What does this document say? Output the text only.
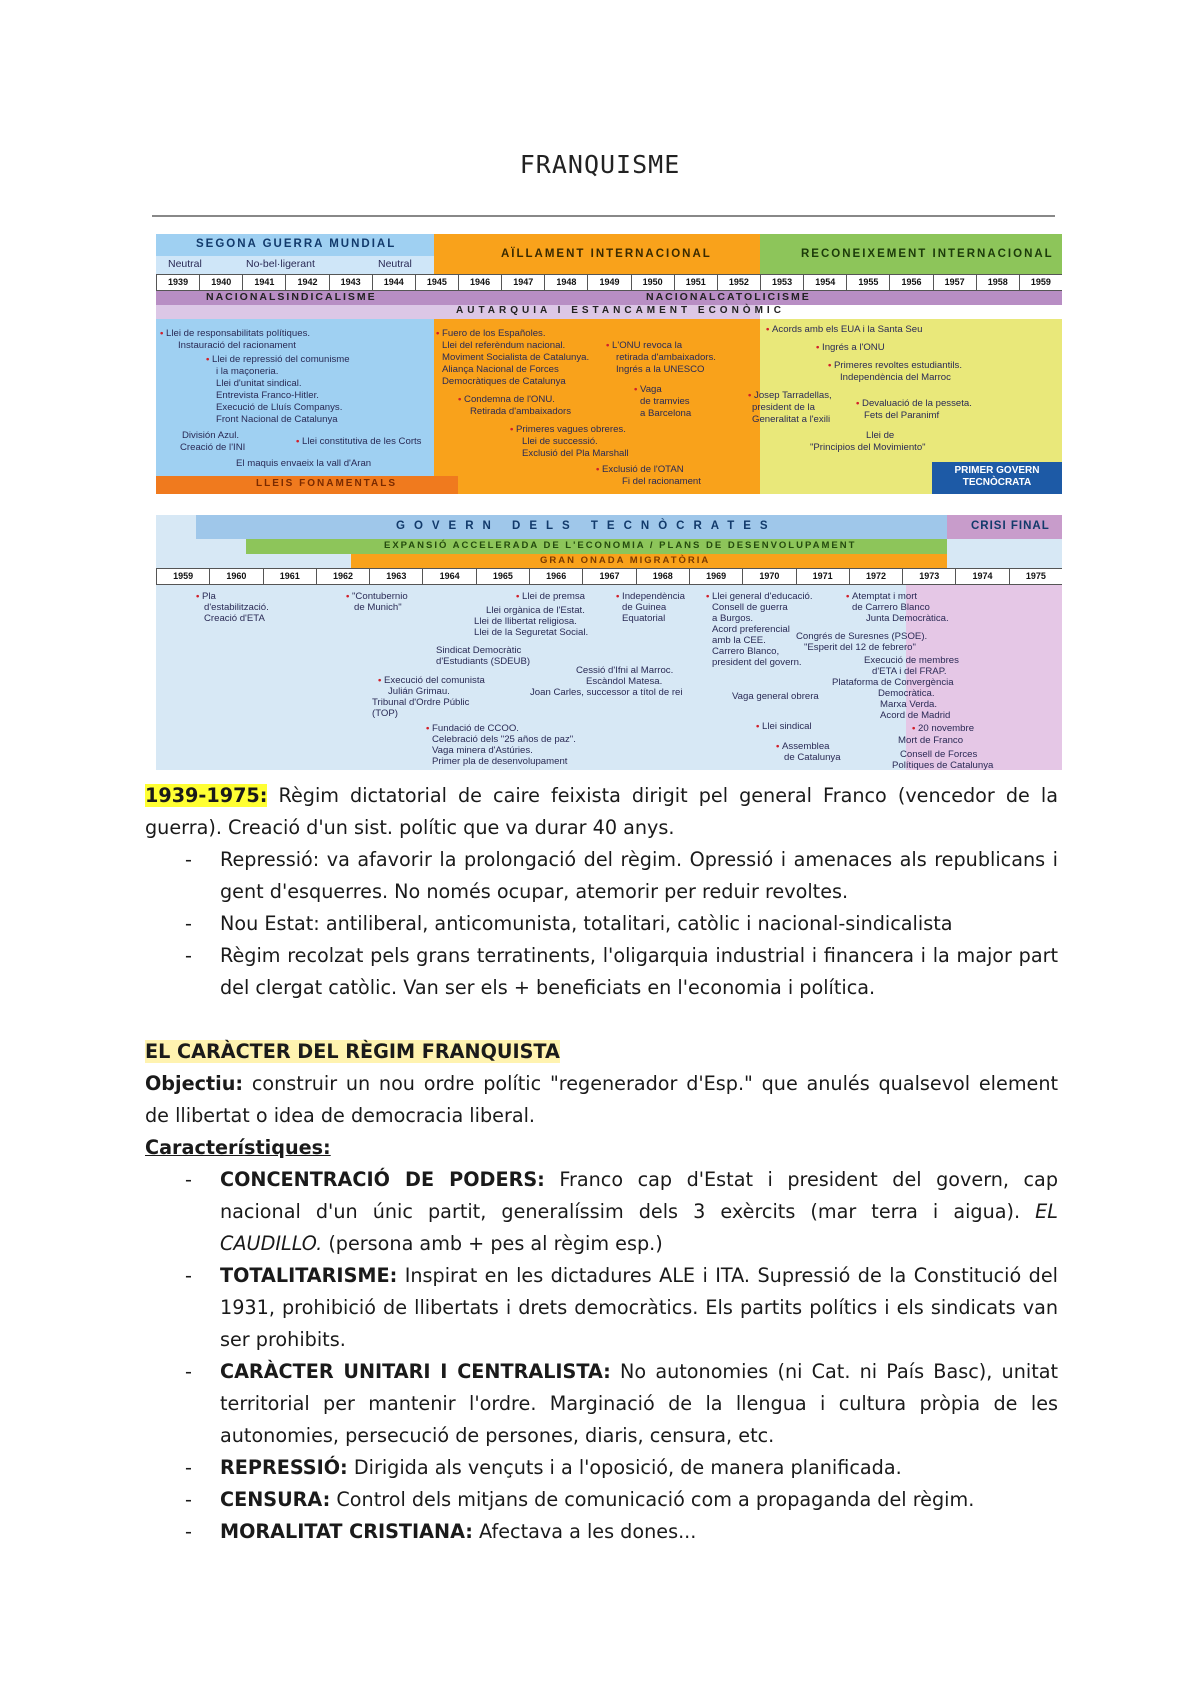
FRANQUISME
SEGONA GUERRA MUNDIAL
Neutral	No-bel·ligerant	Neutral
AÏLLAMENT INTERNACIONAL	RECONEIXEMENT INTERNACIONAL
1939	1940	1941	1942	1943	1944	1945	1946	1947	1948	1949	1950	1951	1952	1953	1954	1955	1956	1957	1958	1959
NACIONALSINDICALISME	NACIONALCATOLICISME
AUTARQUIA I ESTANCAMENT ECONÒMIC
LLEIS FONAMENTALS
PRIMER GOVERN TECNÒCRATA
• Llei de responsabilitats polítiques.
Instauració del racionament
• Llei de repressió del comunisme
i la maçoneria.
Llei d'unitat sindical.
Entrevista Franco-Hitler.
Execució de Lluís Companys.
Front Nacional de Catalunya
División Azul.
Creació de l'INI
• Llei constitutiva de les Corts
El maquis envaeix la vall d'Aran
• Fuero de los Españoles.
Llei del referèndum nacional.
Moviment Socialista de Catalunya.
Aliança Nacional de Forces
Democràtiques de Catalunya
• Condemna de l'ONU.
Retirada d'ambaixadors
• Primeres vagues obreres.
Llei de successió.
Exclusió del Pla Marshall
• L'ONU revoca la
retirada d'ambaixadors.
Ingrés a la UNESCO
• Vaga
de tramvies
a Barcelona
• Exclusió de l'OTAN
Fi del racionament
• Acords amb els EUA i la Santa Seu
• Ingrés a l'ONU
• Primeres revoltes estudiantils.
Independència del Marroc
• Josep Tarradellas,
president de la
Generalitat a l'exili
• Devaluació de la pesseta.
Fets del Paranimf
Llei de
"Principios del Movimiento"
GOVERN DELS TECNÒCRATES	CRISI FINAL
EXPANSIÓ ACCELERADA DE L'ECONOMIA / PLANS DE DESENVOLUPAMENT
GRAN ONADA MIGRATÒRIA
1959	1960	1961	1962	1963	1964	1965	1966	1967	1968	1969	1970	1971	1972	1973	1974	1975
• Pla
d'estabilització.
Creació d'ETA
• "Contubernio
de Munich"
• Llei de premsa
Llei orgànica de l'Estat.
Llei de llibertat religiosa.
Llei de la Seguretat Social.
• Independència
de Guinea
Equatorial
Sindicat Democràtic
d'Estudiants (SDEUB)
• Execució del comunista
Julián Grimau.
Tribunal d'Ordre Públic
(TOP)
Cessió d'Ifni al Marroc.
Escàndol Matesa.
Joan Carles, successor a títol de rei
• Fundació de CCOO.
Celebració dels "25 años de paz".
Vaga minera d'Astúries.
Primer pla de desenvolupament
• Llei general d'educació.
Consell de guerra
a Burgos.
Acord preferencial
amb la CEE.
Carrero Blanco,
president del govern.
Vaga general obrera
• Llei sindical
• Assemblea
de Catalunya
• Atemptat i mort
de Carrero Blanco
Junta Democràtica.
Congrés de Suresnes (PSOE).
"Esperit del 12 de febrero"
Execució de membres
d'ETA i del FRAP.
Plataforma de Convergència
Democràtica.
Marxa Verda.
Acord de Madrid
• 20 novembre
Mort de Franco
Consell de Forces
Polítiques de Catalunya

1939-1975: Règim dictatorial de caire feixista dirigit pel general Franco (vencedor de la guerra). Creació d'un sist. polític que va durar 40 anys.

- Repressió: va afavorir la prolongació del règim. Opressió i amenaces als republicans i gent d'esquerres. No només ocupar, atemorir per reduir revoltes.
- Nou Estat: antiliberal, anticomunista, totalitari, catòlic i nacional-sindicalista
- Règim recolzat pels grans terratinents, l'oligarquia industrial i financera i la major part del clergat catòlic. Van ser els + beneficiats en l'economia i política.

EL CARÀCTER DEL RÈGIM FRANQUISTA

Objectiu: construir un nou ordre polític "regenerador d'Esp." que anulés qualsevol element de llibertat o idea de democracia liberal.

Característiques:

- CONCENTRACIÓ DE PODERS: Franco cap d'Estat i president del govern, cap nacional d'un únic partit, generalíssim dels 3 exèrcits (mar terra i aigua). EL CAUDILLO. (persona amb + pes al règim esp.)
- TOTALITARISME: Inspirat en les dictadures ALE i ITA. Supressió de la Constitució del 1931, prohibició de llibertats i drets democràtics. Els partits polítics i els sindicats van ser prohibits.
- CARÀCTER UNITARI I CENTRALISTA: No autonomies (ni Cat. ni País Basc), unitat territorial per mantenir l'ordre. Marginació de la llengua i cultura pròpia de les autonomies, persecució de persones, diaris, censura, etc.
- REPRESSIÓ: Dirigida als vençuts i a l'oposició, de manera planificada.
- CENSURA: Control dels mitjans de comunicació com a propaganda del règim.
- MORALITAT CRISTIANA: Afectava a les dones...
